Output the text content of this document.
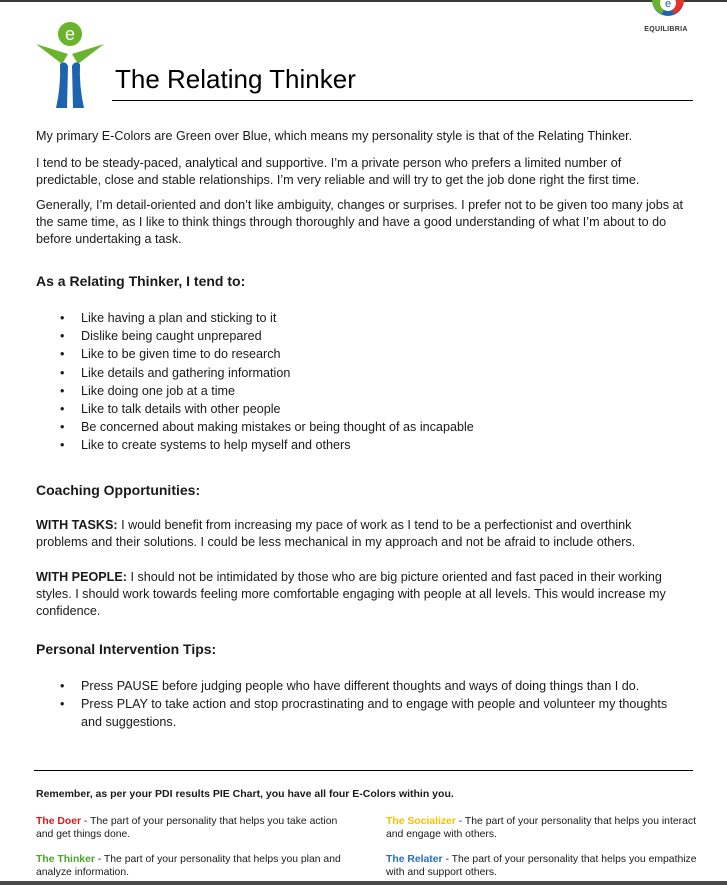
e
e
EQUILIBRIA
The Relating Thinker
My primary E-Colors are Green over Blue, which means my personality style is that of the Relating Thinker.
I tend to be steady-paced, analytical and supportive. I’m a private person who prefers a limited number of predictable, close and stable relationships. I’m very reliable and will try to get the job done right the first time.
Generally, I’m detail-oriented and don’t like ambiguity, changes or surprises. I prefer not to be given too many jobs at the same time, as I like to think things through thoroughly and have a good understanding of what I’m about to do before undertaking a task.
As a Relating Thinker, I tend to:
• Like having a plan and sticking to it
• Dislike being caught unprepared
• Like to be given time to do research
• Like details and gathering information
• Like doing one job at a time
• Like to talk details with other people
• Be concerned about making mistakes or being thought of as incapable
• Like to create systems to help myself and others
Coaching Opportunities:
WITH TASKS: I would benefit from increasing my pace of work as I tend to be a perfectionist and overthink problems and their solutions. I could be less mechanical in my approach and not be afraid to include others.
WITH PEOPLE: I should not be intimidated by those who are big picture oriented and fast paced in their working styles. I should work towards feeling more comfortable engaging with people at all levels. This would increase my confidence.
Personal Intervention Tips:
• Press PAUSE before judging people who have different thoughts and ways of doing things than I do.
• Press PLAY to take action and stop procrastinating and to engage with people and volunteer my thoughts and suggestions.
Remember, as per your PDI results PIE Chart, you have all four E-Colors within you.
The Doer - The part of your personality that helps you take action and get things done.
The Socializer - The part of your personality that helps you interact and engage with others.
The Thinker - The part of your personality that helps you plan and analyze information.
The Relater - The part of your personality that helps you empathize with and support others.
